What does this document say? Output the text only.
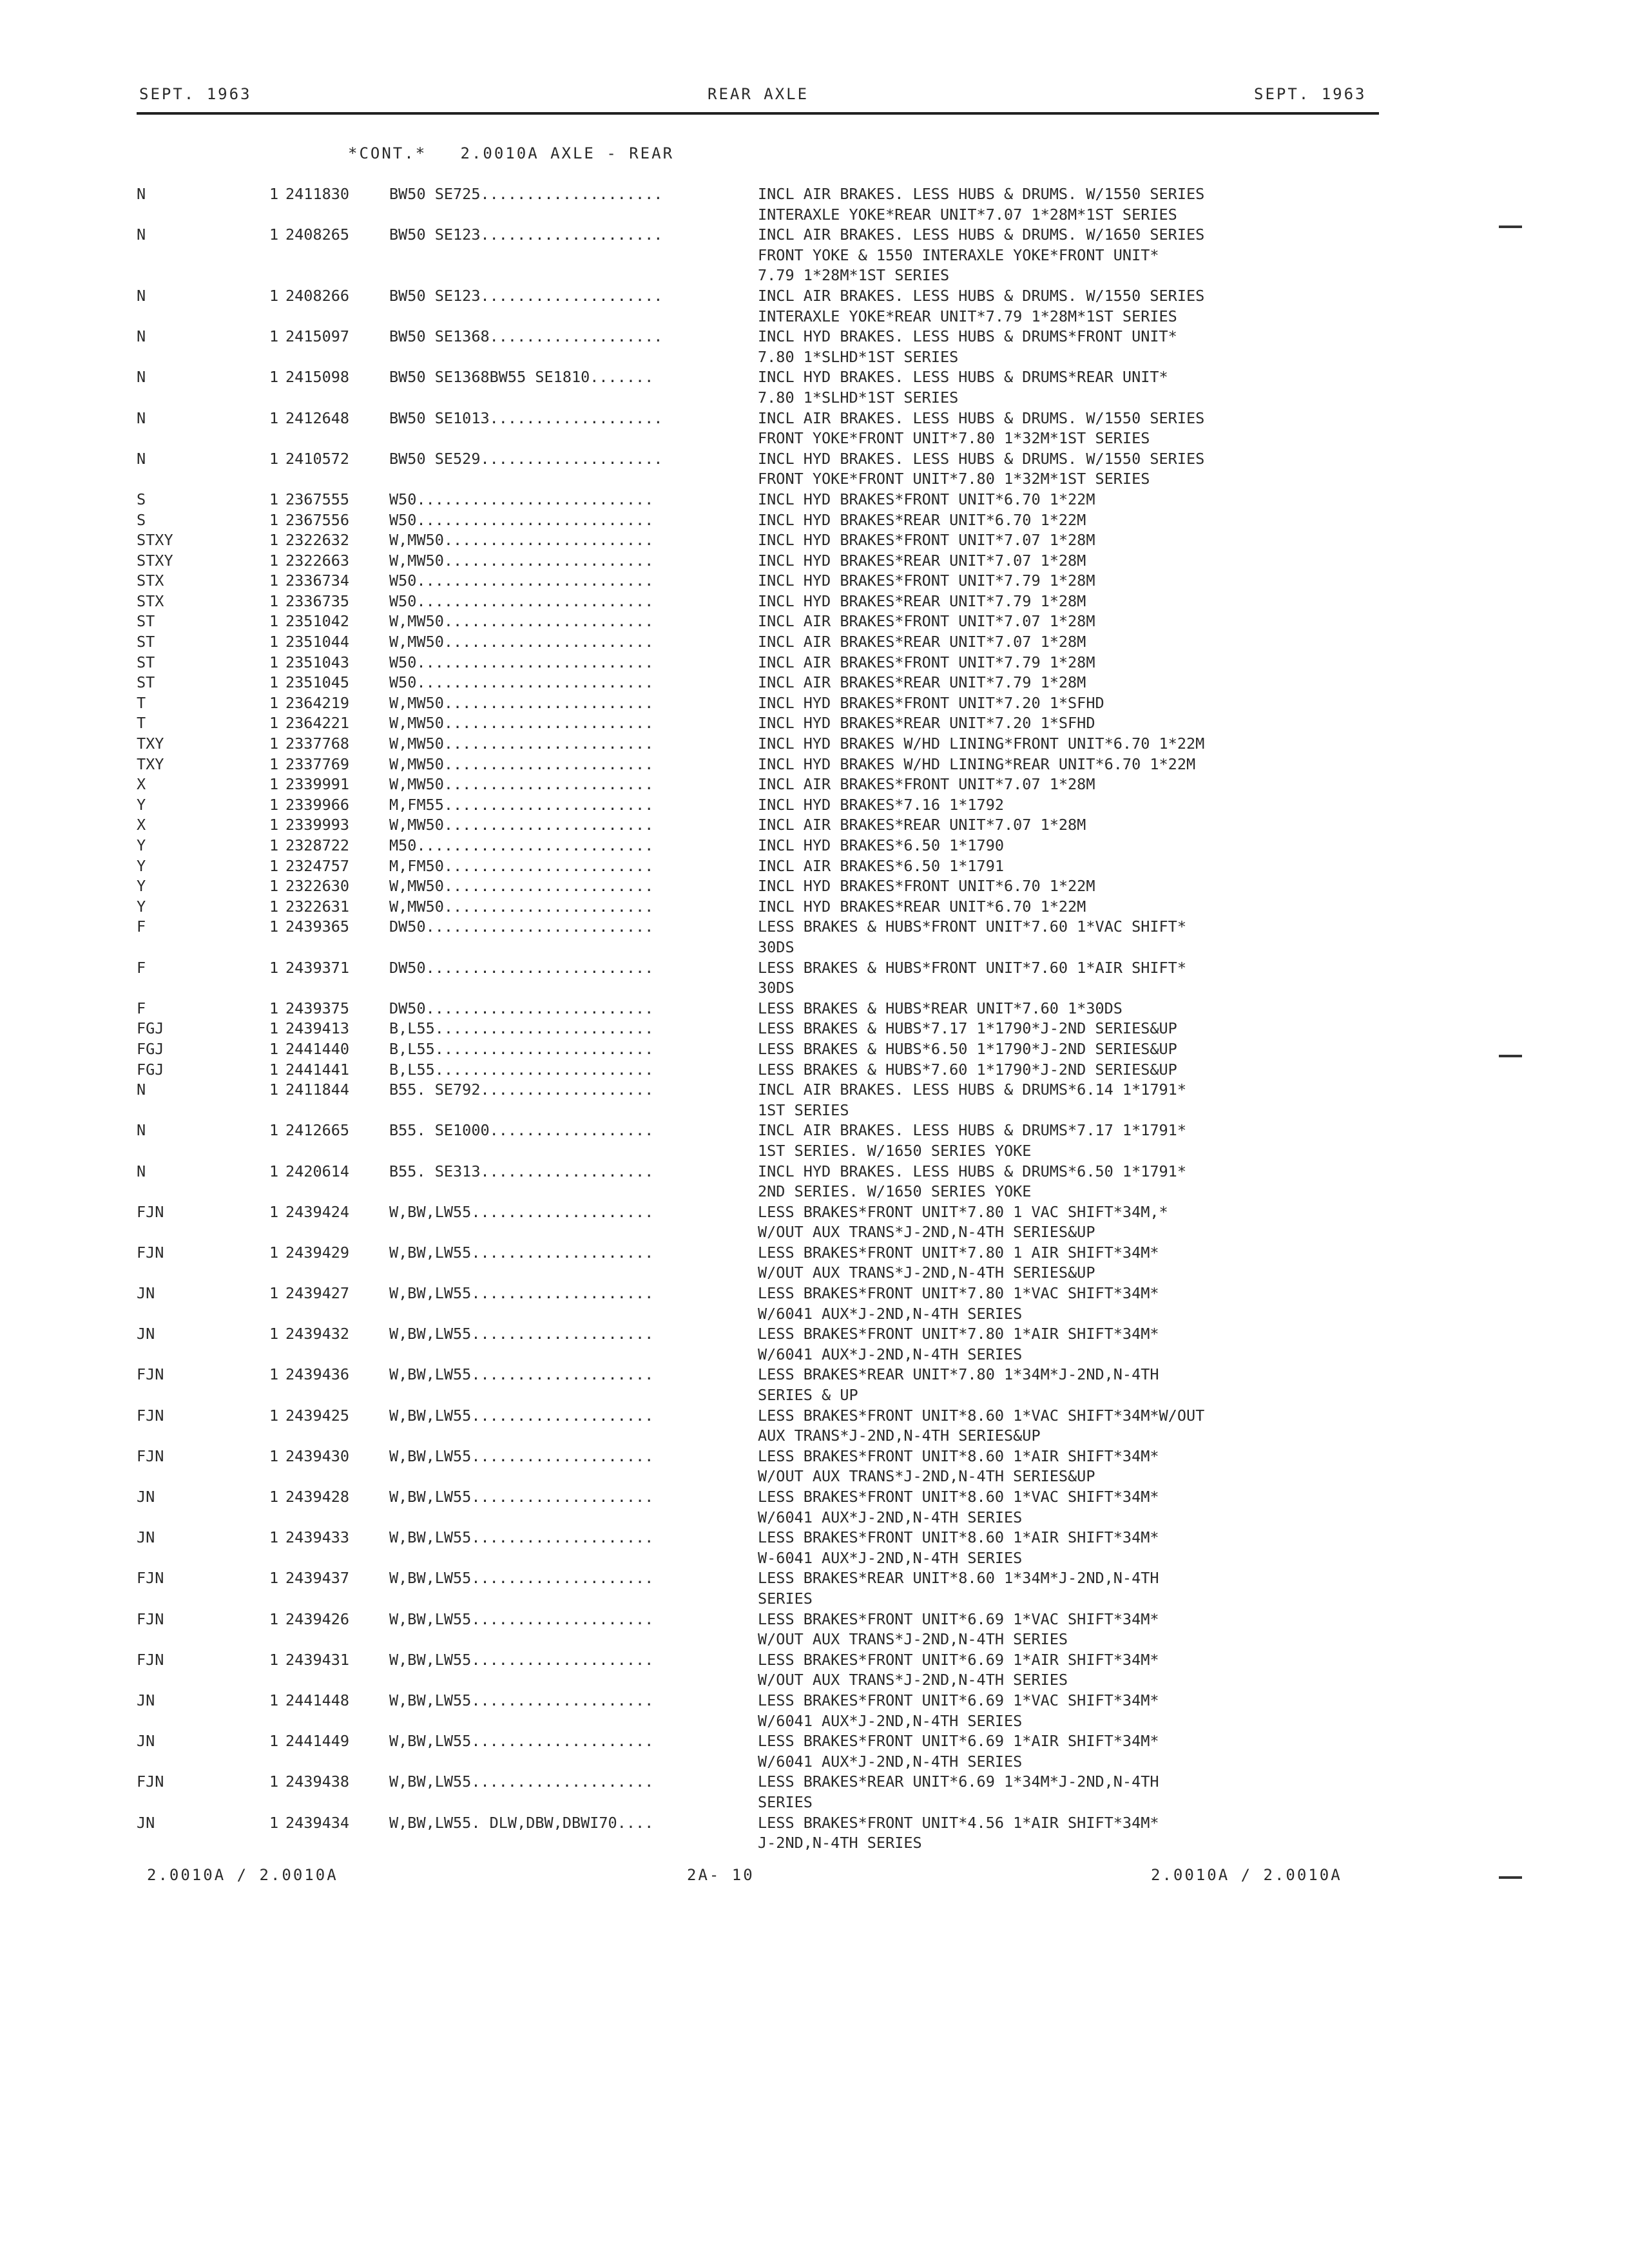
SEPT. 1963	REAR AXLE	SEPT. 1963
*CONT.*   2.0010A AXLE - REAR
N	1 2411830	BW50 SE725....................	INCL AIR BRAKES. LESS HUBS & DRUMS. W/1550 SERIES
INTERAXLE YOKE*REAR UNIT*7.07 1*28M*1ST SERIES
N	1 2408265	BW50 SE123....................	INCL AIR BRAKES. LESS HUBS & DRUMS. W/1650 SERIES
FRONT YOKE & 1550 INTERAXLE YOKE*FRONT UNIT*
7.79 1*28M*1ST SERIES
N	1 2408266	BW50 SE123....................	INCL AIR BRAKES. LESS HUBS & DRUMS. W/1550 SERIES
INTERAXLE YOKE*REAR UNIT*7.79 1*28M*1ST SERIES
N	1 2415097	BW50 SE1368...................	INCL HYD BRAKES. LESS HUBS & DRUMS*FRONT UNIT*
7.80 1*SLHD*1ST SERIES
N	1 2415098	BW50 SE1368BW55 SE1810.......	INCL HYD BRAKES. LESS HUBS & DRUMS*REAR UNIT*
7.80 1*SLHD*1ST SERIES
N	1 2412648	BW50 SE1013...................	INCL AIR BRAKES. LESS HUBS & DRUMS. W/1550 SERIES
FRONT YOKE*FRONT UNIT*7.80 1*32M*1ST SERIES
N	1 2410572	BW50 SE529....................	INCL HYD BRAKES. LESS HUBS & DRUMS. W/1550 SERIES
FRONT YOKE*FRONT UNIT*7.80 1*32M*1ST SERIES
S	1 2367555	W50..........................	INCL HYD BRAKES*FRONT UNIT*6.70 1*22M
S	1 2367556	W50..........................	INCL HYD BRAKES*REAR UNIT*6.70 1*22M
STXY	1 2322632	W,MW50.......................	INCL HYD BRAKES*FRONT UNIT*7.07 1*28M
STXY	1 2322663	W,MW50.......................	INCL HYD BRAKES*REAR UNIT*7.07 1*28M
STX	1 2336734	W50..........................	INCL HYD BRAKES*FRONT UNIT*7.79 1*28M
STX	1 2336735	W50..........................	INCL HYD BRAKES*REAR UNIT*7.79 1*28M
ST	1 2351042	W,MW50.......................	INCL AIR BRAKES*FRONT UNIT*7.07 1*28M
ST	1 2351044	W,MW50.......................	INCL AIR BRAKES*REAR UNIT*7.07 1*28M
ST	1 2351043	W50..........................	INCL AIR BRAKES*FRONT UNIT*7.79 1*28M
ST	1 2351045	W50..........................	INCL AIR BRAKES*REAR UNIT*7.79 1*28M
T	1 2364219	W,MW50.......................	INCL HYD BRAKES*FRONT UNIT*7.20 1*SFHD
T	1 2364221	W,MW50.......................	INCL HYD BRAKES*REAR UNIT*7.20 1*SFHD
TXY	1 2337768	W,MW50.......................	INCL HYD BRAKES W/HD LINING*FRONT UNIT*6.70 1*22M
TXY	1 2337769	W,MW50.......................	INCL HYD BRAKES W/HD LINING*REAR UNIT*6.70 1*22M
X	1 2339991	W,MW50.......................	INCL AIR BRAKES*FRONT UNIT*7.07 1*28M
Y	1 2339966	M,FM55.......................	INCL HYD BRAKES*7.16 1*1792
X	1 2339993	W,MW50.......................	INCL AIR BRAKES*REAR UNIT*7.07 1*28M
Y	1 2328722	M50..........................	INCL HYD BRAKES*6.50 1*1790
Y	1 2324757	M,FM50.......................	INCL AIR BRAKES*6.50 1*1791
Y	1 2322630	W,MW50.......................	INCL HYD BRAKES*FRONT UNIT*6.70 1*22M
Y	1 2322631	W,MW50.......................	INCL HYD BRAKES*REAR UNIT*6.70 1*22M
F	1 2439365	DW50.........................	LESS BRAKES & HUBS*FRONT UNIT*7.60 1*VAC SHIFT*
30DS
F	1 2439371	DW50.........................	LESS BRAKES & HUBS*FRONT UNIT*7.60 1*AIR SHIFT*
30DS
F	1 2439375	DW50.........................	LESS BRAKES & HUBS*REAR UNIT*7.60 1*30DS
FGJ	1 2439413	B,L55........................	LESS BRAKES & HUBS*7.17 1*1790*J-2ND SERIES&UP
FGJ	1 2441440	B,L55........................	LESS BRAKES & HUBS*6.50 1*1790*J-2ND SERIES&UP
FGJ	1 2441441	B,L55........................	LESS BRAKES & HUBS*7.60 1*1790*J-2ND SERIES&UP
N	1 2411844	B55. SE792...................	INCL AIR BRAKES. LESS HUBS & DRUMS*6.14 1*1791*
1ST SERIES
N	1 2412665	B55. SE1000..................	INCL AIR BRAKES. LESS HUBS & DRUMS*7.17 1*1791*
1ST SERIES. W/1650 SERIES YOKE
N	1 2420614	B55. SE313...................	INCL HYD BRAKES. LESS HUBS & DRUMS*6.50 1*1791*
2ND SERIES. W/1650 SERIES YOKE
FJN	1 2439424	W,BW,LW55....................	LESS BRAKES*FRONT UNIT*7.80 1 VAC SHIFT*34M,*
W/OUT AUX TRANS*J-2ND,N-4TH SERIES&UP
FJN	1 2439429	W,BW,LW55....................	LESS BRAKES*FRONT UNIT*7.80 1 AIR SHIFT*34M*
W/OUT AUX TRANS*J-2ND,N-4TH SERIES&UP
JN	1 2439427	W,BW,LW55....................	LESS BRAKES*FRONT UNIT*7.80 1*VAC SHIFT*34M*
W/6041 AUX*J-2ND,N-4TH SERIES
JN	1 2439432	W,BW,LW55....................	LESS BRAKES*FRONT UNIT*7.80 1*AIR SHIFT*34M*
W/6041 AUX*J-2ND,N-4TH SERIES
FJN	1 2439436	W,BW,LW55....................	LESS BRAKES*REAR UNIT*7.80 1*34M*J-2ND,N-4TH
SERIES & UP
FJN	1 2439425	W,BW,LW55....................	LESS BRAKES*FRONT UNIT*8.60 1*VAC SHIFT*34M*W/OUT
AUX TRANS*J-2ND,N-4TH SERIES&UP
FJN	1 2439430	W,BW,LW55....................	LESS BRAKES*FRONT UNIT*8.60 1*AIR SHIFT*34M*
W/OUT AUX TRANS*J-2ND,N-4TH SERIES&UP
JN	1 2439428	W,BW,LW55....................	LESS BRAKES*FRONT UNIT*8.60 1*VAC SHIFT*34M*
W/6041 AUX*J-2ND,N-4TH SERIES
JN	1 2439433	W,BW,LW55....................	LESS BRAKES*FRONT UNIT*8.60 1*AIR SHIFT*34M*
W-6041 AUX*J-2ND,N-4TH SERIES
FJN	1 2439437	W,BW,LW55....................	LESS BRAKES*REAR UNIT*8.60 1*34M*J-2ND,N-4TH
SERIES
FJN	1 2439426	W,BW,LW55....................	LESS BRAKES*FRONT UNIT*6.69 1*VAC SHIFT*34M*
W/OUT AUX TRANS*J-2ND,N-4TH SERIES
FJN	1 2439431	W,BW,LW55....................	LESS BRAKES*FRONT UNIT*6.69 1*AIR SHIFT*34M*
W/OUT AUX TRANS*J-2ND,N-4TH SERIES
JN	1 2441448	W,BW,LW55....................	LESS BRAKES*FRONT UNIT*6.69 1*VAC SHIFT*34M*
W/6041 AUX*J-2ND,N-4TH SERIES
JN	1 2441449	W,BW,LW55....................	LESS BRAKES*FRONT UNIT*6.69 1*AIR SHIFT*34M*
W/6041 AUX*J-2ND,N-4TH SERIES
FJN	1 2439438	W,BW,LW55....................	LESS BRAKES*REAR UNIT*6.69 1*34M*J-2ND,N-4TH
SERIES
JN	1 2439434	W,BW,LW55. DLW,DBW,DBWI70....	LESS BRAKES*FRONT UNIT*4.56 1*AIR SHIFT*34M*
J-2ND,N-4TH SERIES
2.0010A / 2.0010A	2A- 10	2.0010A / 2.0010A
